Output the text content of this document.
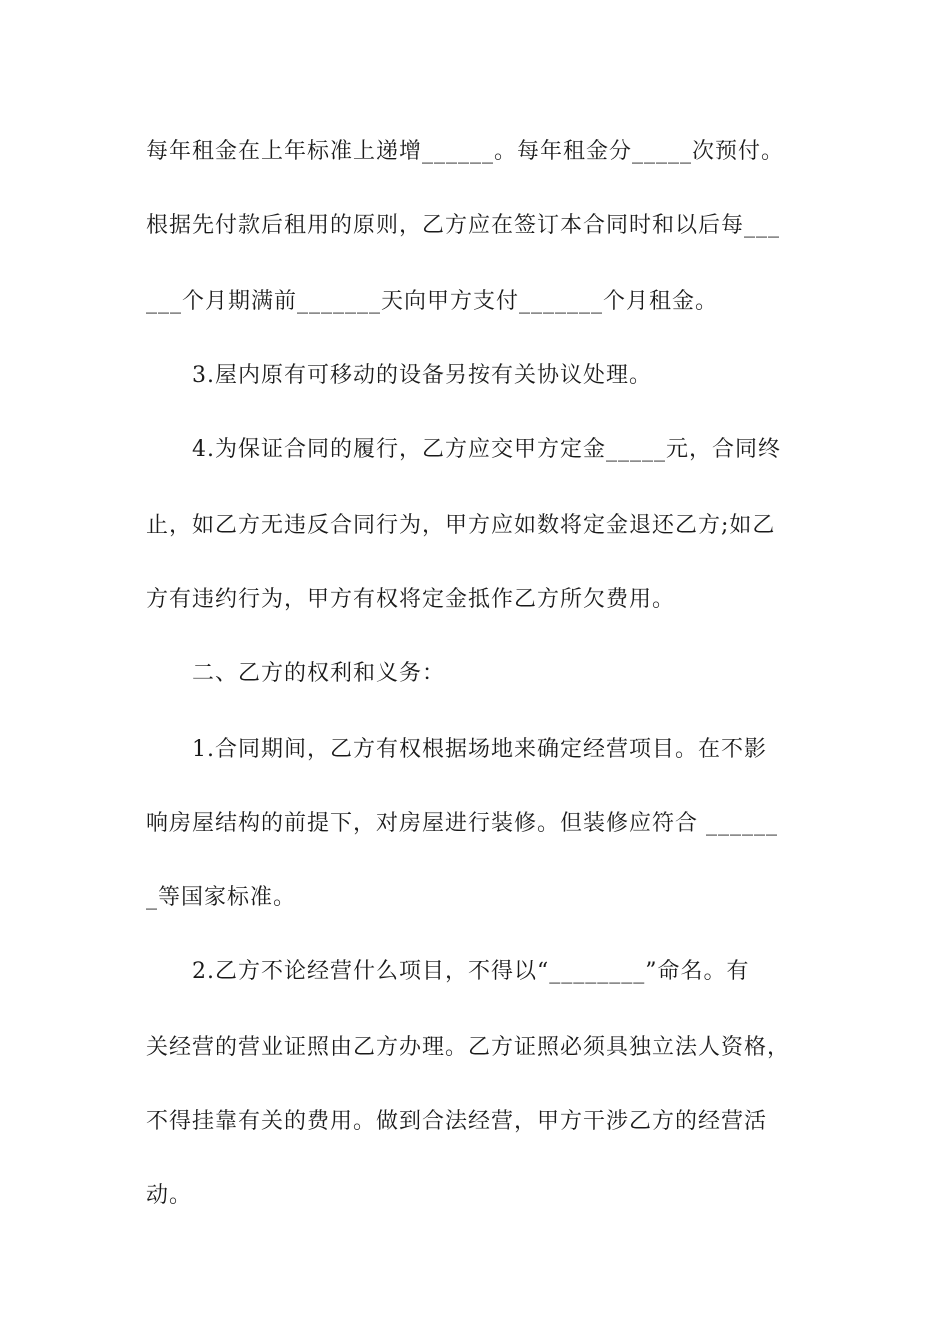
每年租金在上年标准上递增______。每年租金分_____次预付。
根据先付款后租用的原则，乙方应在签订本合同时和以后每___
___个月期满前_______天向甲方支付_______个月租金。
3.屋内原有可移动的设备另按有关协议处理。
4.为保证合同的履行，乙方应交甲方定金_____元，合同终
止，如乙方无违反合同行为，甲方应如数将定金退还乙方;如乙
方有违约行为，甲方有权将定金抵作乙方所欠费用。
二、乙方的权利和义务：
1.合同期间，乙方有权根据场地来确定经营项目。在不影
响房屋结构的前提下，对房屋进行装修。但装修应符合 ______
_等国家标准。
2.乙方不论经营什么项目，不得以“________”命名。有
关经营的营业证照由乙方办理。乙方证照必须具独立法人资格，
不得挂靠有关的费用。做到合法经营，甲方干涉乙方的经营活
动。
